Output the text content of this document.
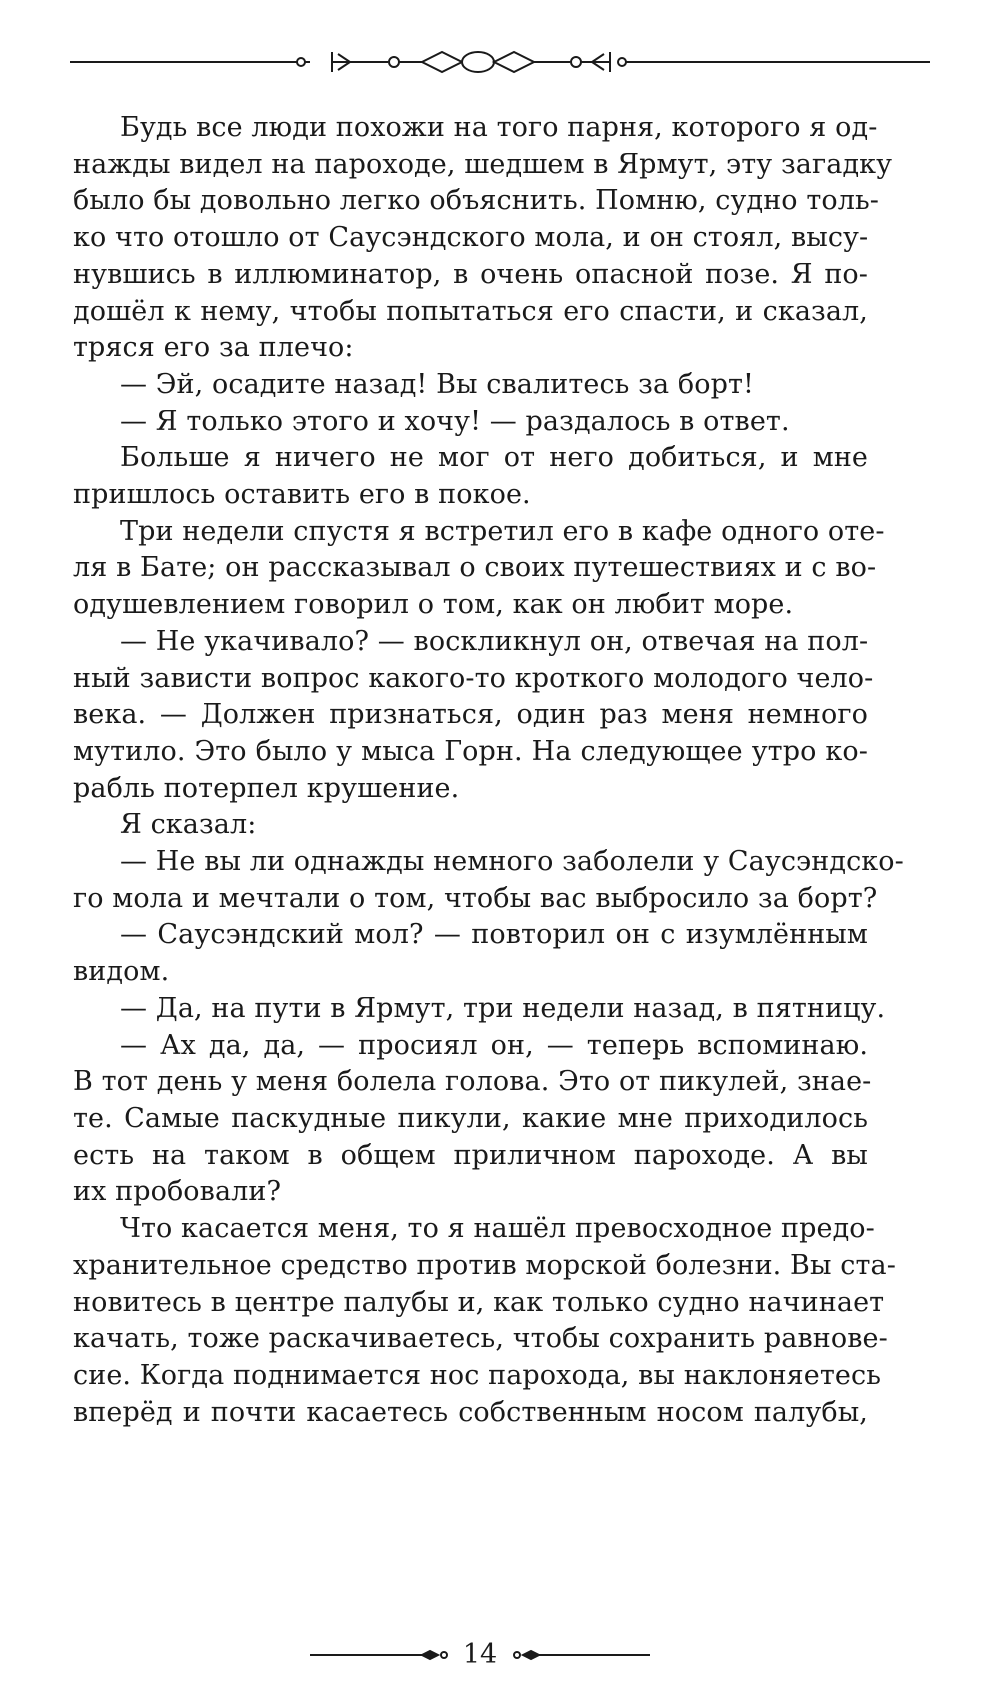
Будь все люди похожи на того парня, которого я од-
нажды видел на пароходе, шедшем в Ярмут, эту загадку
было бы довольно легко объяснить. Помню, судно толь-
ко что отошло от Саусэндского мола, и он стоял, высу-
нувшись в иллюминатор, в очень опасной позе. Я по-
дошёл к нему, чтобы попытаться его спасти, и сказал,
тряся его за плечо:
— Эй, осадите назад! Вы свалитесь за борт!
— Я только этого и хочу! — раздалось в ответ.
Больше я ничего не мог от него добиться, и мне
пришлось оставить его в покое.
Три недели спустя я встретил его в кафе одного оте-
ля в Бате; он рассказывал о своих путешествиях и с во-
одушевлением говорил о том, как он любит море.
— Не укачивало? — воскликнул он, отвечая на пол-
ный зависти вопрос какого-то кроткого молодого чело-
века. — Должен признаться, один раз меня немного
мутило. Это было у мыса Горн. На следующее утро ко-
рабль потерпел крушение.
Я сказал:
— Не вы ли однажды немного заболели у Саусэндско-
го мола и мечтали о том, чтобы вас выбросило за борт?
— Саусэндский мол? — повторил он с изумлённым
видом.
— Да, на пути в Ярмут, три недели назад, в пятницу.
— Ах да, да, — просиял он, — теперь вспоминаю.
В тот день у меня болела голова. Это от пикулей, знае-
те. Самые паскудные пикули, какие мне приходилось
есть на таком в общем приличном пароходе. А вы
их пробовали?
Что касается меня, то я нашёл превосходное предо-
хранительное средство против морской болезни. Вы ста-
новитесь в центре палубы и, как только судно начинает
качать, тоже раскачиваетесь, чтобы сохранить равнове-
сие. Когда поднимается нос парохода, вы наклоняетесь
вперёд и почти касаетесь собственным носом палубы,
14
